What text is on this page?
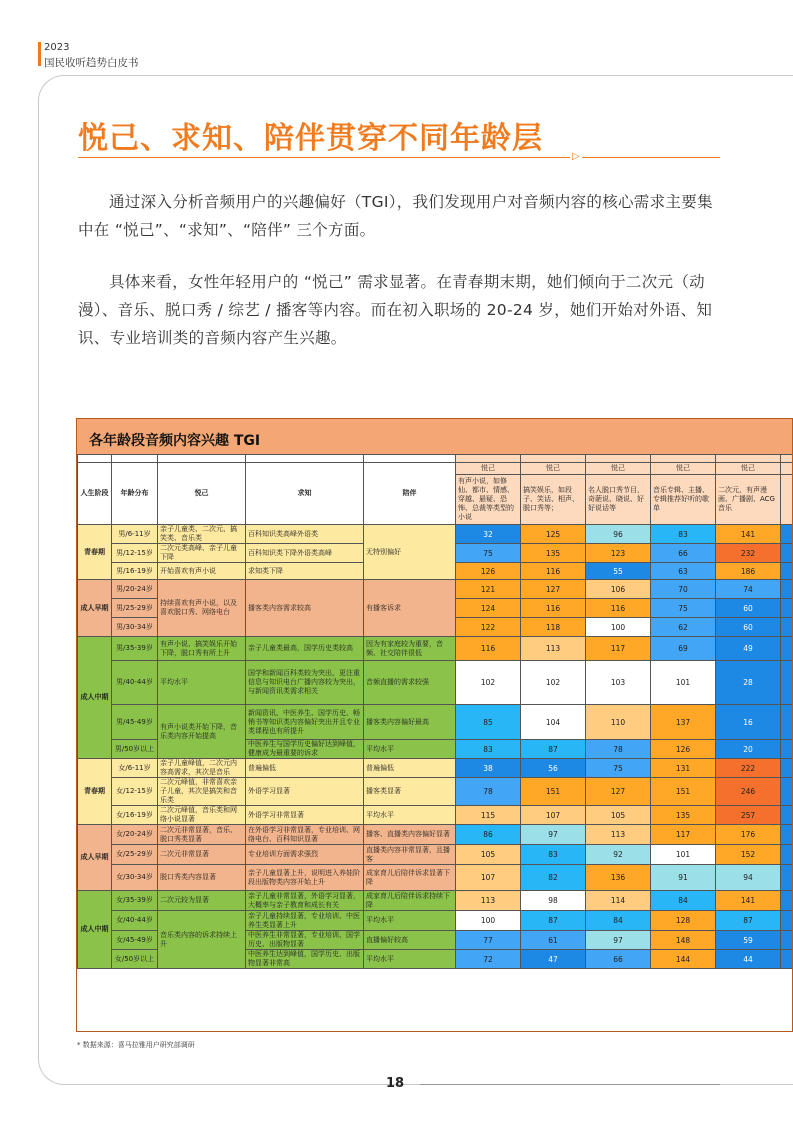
2023
国民收听趋势白皮书
悦己、求知、陪伴贯穿不同年龄层
▷

通过深入分析音频用户的兴趣偏好（TGI），我们发现用户对音频内容的核心需求主要集中在 “悦己”、“求知”、“陪伴” 三个方面。

具体来看，女性年轻用户的 “悦己” 需求显著。在青春期末期，她们倾向于二次元（动漫）、音乐、脱口秀 / 综艺 / 播客等内容。而在初入职场的 20-24 岁，她们开始对外语、知识、专业培训类的音频内容产生兴趣。

各年龄段音频内容兴趣 TGI

人生阶段	年龄分布	悦己	求知	陪伴	悦己	悦己	悦己	悦己	悦己	
					有声小说，如修仙、都市、情感、穿越、悬疑、恐怖、总裁等类型的小说	搞笑娱乐，如段子、笑话、相声、脱口秀等；	名人脱口秀节目，奇葩说、晓说、好好说话等	音乐专辑、主播、专辑推荐好听的歌单	二次元，有声漫画、广播剧、ACG音乐	
青春期	男/6-11岁	亲子儿童类、二次元、搞笑类、音乐类	百科知识类高峰外语类	无特别偏好	32	125	96	83	141	
	男/12-15岁	二次元类高峰、亲子儿童下降	百科知识类下降外语类高峰		75	135	123	66	232	
	男/16-19岁	开始喜欢有声小说	求知类下降		126	116	55	63	186	
成人早期	男/20-24岁	持续喜欢有声小说，以及喜欢脱口秀、网络电台	播客类内容需求较高	有播客诉求	121	127	106	70	74	
	男/25-29岁				124	116	116	75	60	
	男/30-34岁				122	118	100	62	60	
成人中期	男/35-39岁	有声小说、搞笑娱乐开始下降，脱口秀有所上升	亲子儿童类最高，国学历史类较高	因为有家庭较为重要，音频、社交陪伴很低	116	113	117	69	49	
	男/40-44岁	平均水平	国学和新闻百科类较为突出，更注重信息与知识电台广播内容较为突出，与新闻资讯类需求相关	音频直播的需求较强	102	102	103	101	28	
	男/45-49岁	有声小说类开始下降，音乐类内容开始提高	新闻资讯、中医养生、国学历史、畅销书等知识类内容偏好突出并且专业类课程也有所提升	播客类内容偏好最高	85	104	110	137	16	
	男/50岁以上		中医养生与国学历史偏好达到峰值，健康成为最重要的诉求	平均水平	83	87	78	126	20	
青春期	女/6-11岁	亲子儿童峰值，二次元内容高需求，其次是音乐	普遍偏低	普遍偏低	38	56	75	131	222	
	女/12-15岁	二次元峰值，非常喜欢亲子儿童，其次是搞笑和音乐类	外语学习显著	播客类显著	78	151	127	151	246	
	女/16-19岁	二次元峰值，音乐类和网络小说显著	外语学习非常显著	平均水平	115	107	105	135	257	
成人早期	女/20-24岁	二次元非常显著，音乐、脱口秀类显著	在外语学习非常显著，专业培训、网络电台、百科知识显著	播客、直播类内容偏好显著	86	97	113	117	176	
	女/25-29岁	二次元非常显著	专业培训方面需求强烈	直播类内容非常显著，且播客	105	83	92	101	152	
	女/30-34岁	脱口秀类内容显著	亲子儿童显著上升，说明进入养娃阶段出版物类内容开始上升	成家育儿后陪伴诉求显著下降	107	82	136	91	94	
成人中期	女/35-39岁	二次元较为显著	亲子儿童非常显著，外语学习显著，大概率与亲子教育和成长有关	成家育儿后陪伴诉求持续下降	113	98	114	84	141	
	女/40-44岁	音乐类内容的诉求持续上升	亲子儿童持续显著，专业培训、中医养生类显著上升	平均水平	100	87	84	128	87	
	女/45-49岁		中医养生非常显著，专业培训、国学历史、出版物显著	直播偏好较高	77	61	97	148	59	
	女/50岁以上		中医养生达到峰值，国学历史、出版物显著非常高	平均水平	72	47	66	144	44	
* 数据来源：喜马拉雅用户研究部调研
18
